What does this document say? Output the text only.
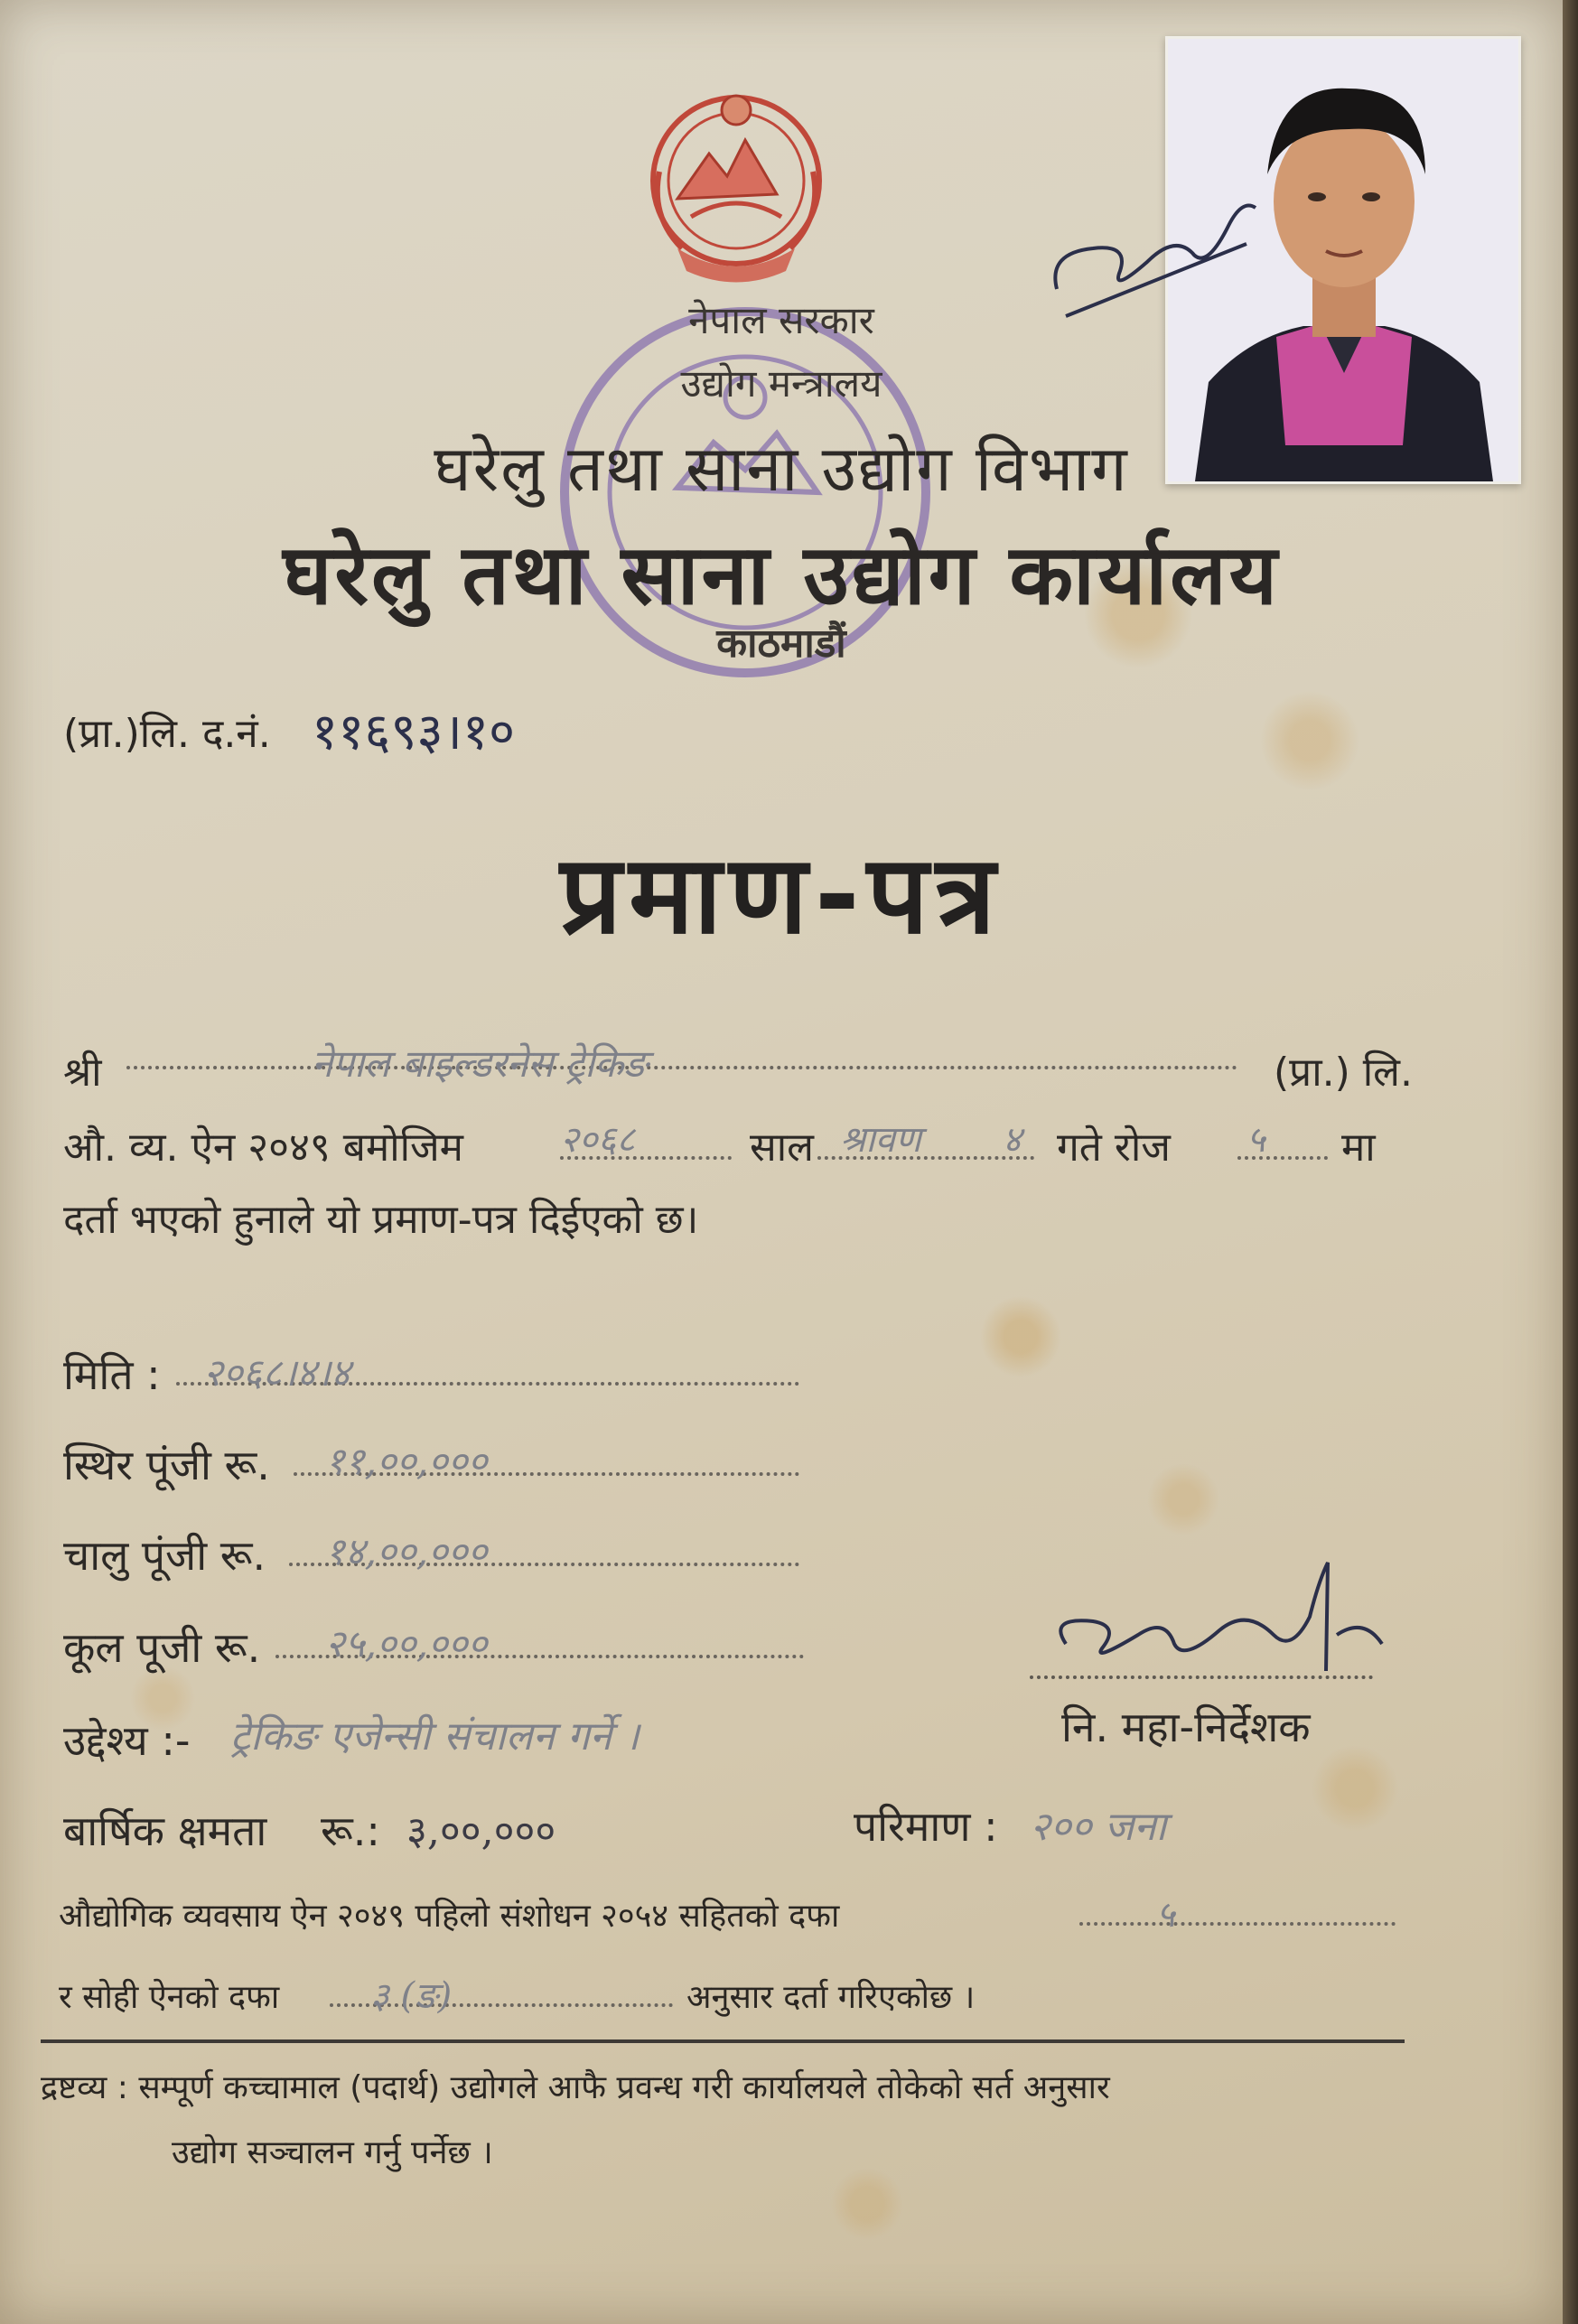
नेपाल सरकार
उद्योग मन्त्रालय
घरेलु तथा साना उद्योग विभाग
घरेलु तथा साना उद्योग कार्यालय
काठमाडौं
(प्रा.)लि. द.नं. ११६९३।१०
प्रमाण-पत्र
श्री	नेपाल बाइल्डरनेस ट्रेकिङ	(प्रा.) लि.
औ. व्य. ऐन २०४९ बमोजिम	२०६८	साल श्रावण ४ गते रोज ५ मा
दर्ता भएको हुनाले यो प्रमाण-पत्र दिईएको छ।
मिति : २०६८।४।४
स्थिर पूंजी रू. ११,००,०००
चालु पूंजी रू. १४,००,०००
कूल पूजी रू. २५,००,०००
नि. महा-निर्देशक
उद्देश्य :- ट्रेकिङ एजेन्सी संचालन गर्ने ।
बार्षिक क्षमता रू.: ३,००,०००	परिमाण : २०० जना
औद्योगिक व्यवसाय ऐन २०४९ पहिलो संशोधन २०५४ सहितको दफा	५
र सोही ऐनको दफा	३ (ङ)	अनुसार दर्ता गरिएकोछ ।
द्रष्टव्य : सम्पूर्ण कच्चामाल (पदार्थ) उद्योगले आफै प्रवन्ध गरी कार्यालयले तोकेको सर्त अनुसार
उद्योग सञ्चालन गर्नु पर्नेछ ।
